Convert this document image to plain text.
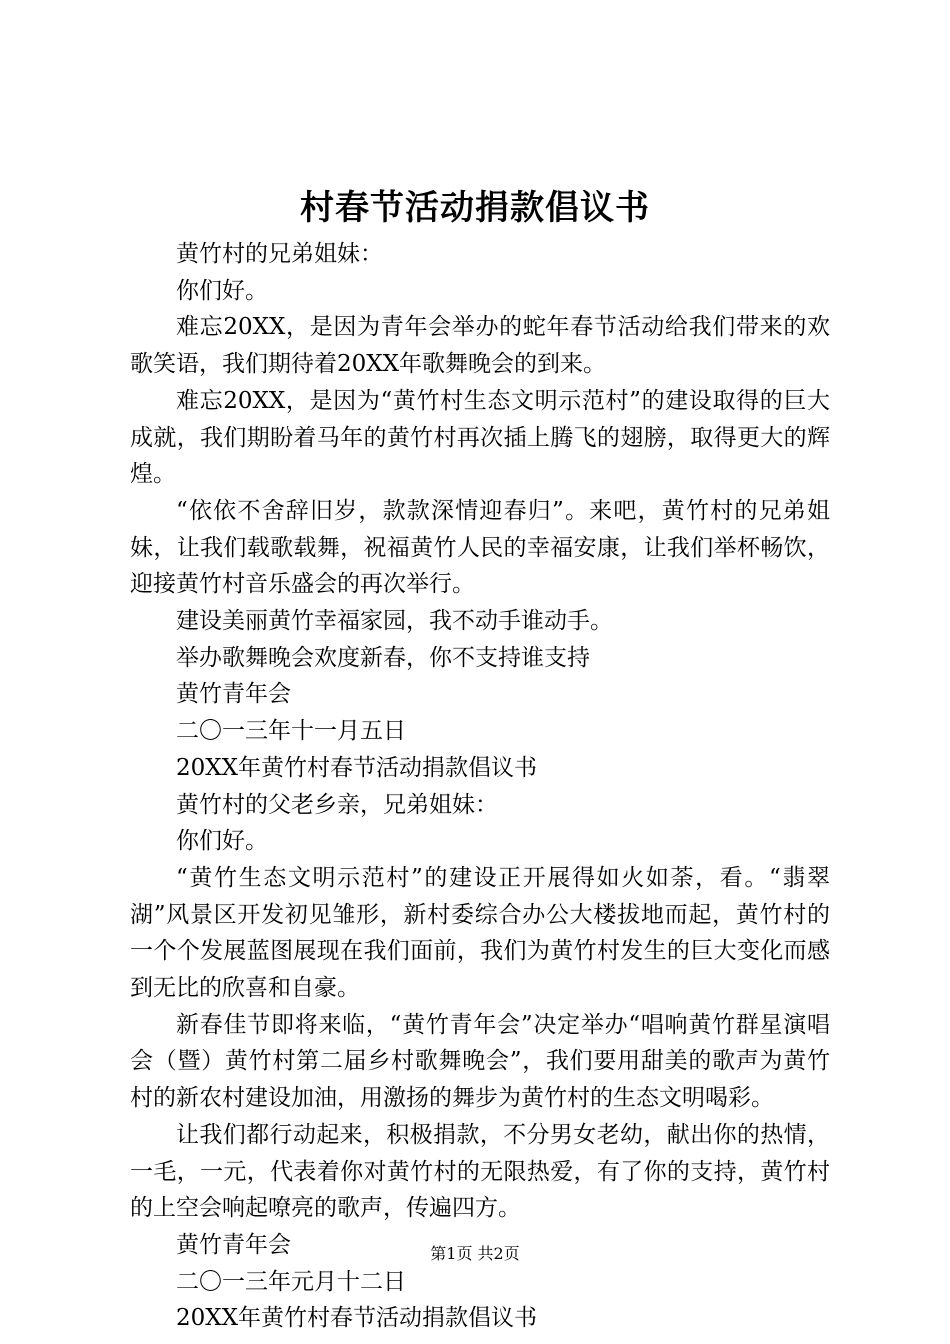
村春节活动捐款倡议书

黄竹村的兄弟姐妹：

你们好。

难忘20XX，是因为青年会举办的蛇年春节活动给我们带来的欢歌笑语，我们期待着20XX年歌舞晚会的到来。

难忘20XX，是因为“黄竹村生态文明示范村”的建设取得的巨大成就，我们期盼着马年的黄竹村再次插上腾飞的翅膀，取得更大的辉煌。

“依依不舍辞旧岁，款款深情迎春归”。来吧，黄竹村的兄弟姐妹，让我们载歌载舞，祝福黄竹人民的幸福安康，让我们举杯畅饮，迎接黄竹村音乐盛会的再次举行。

建设美丽黄竹幸福家园，我不动手谁动手。

举办歌舞晚会欢度新春，你不支持谁支持

黄竹青年会

二〇一三年十一月五日

20XX年黄竹村春节活动捐款倡议书

黄竹村的父老乡亲，兄弟姐妹：

你们好。

“黄竹生态文明示范村”的建设正开展得如火如荼，看。“翡翠湖”风景区开发初见雏形，新村委综合办公大楼拔地而起，黄竹村的一个个发展蓝图展现在我们面前，我们为黄竹村发生的巨大变化而感到无比的欣喜和自豪。

新春佳节即将来临，“黄竹青年会”决定举办“唱响黄竹群星演唱会（暨）黄竹村第二届乡村歌舞晚会”，我们要用甜美的歌声为黄竹村的新农村建设加油，用激扬的舞步为黄竹村的生态文明喝彩。

让我们都行动起来，积极捐款，不分男女老幼，献出你的热情，一毛，一元，代表着你对黄竹村的无限热爱，有了你的支持，黄竹村的上空会响起嘹亮的歌声，传遍四方。

黄竹青年会

二〇一三年元月十二日

20XX年黄竹村春节活动捐款倡议书

第1页 共2页
